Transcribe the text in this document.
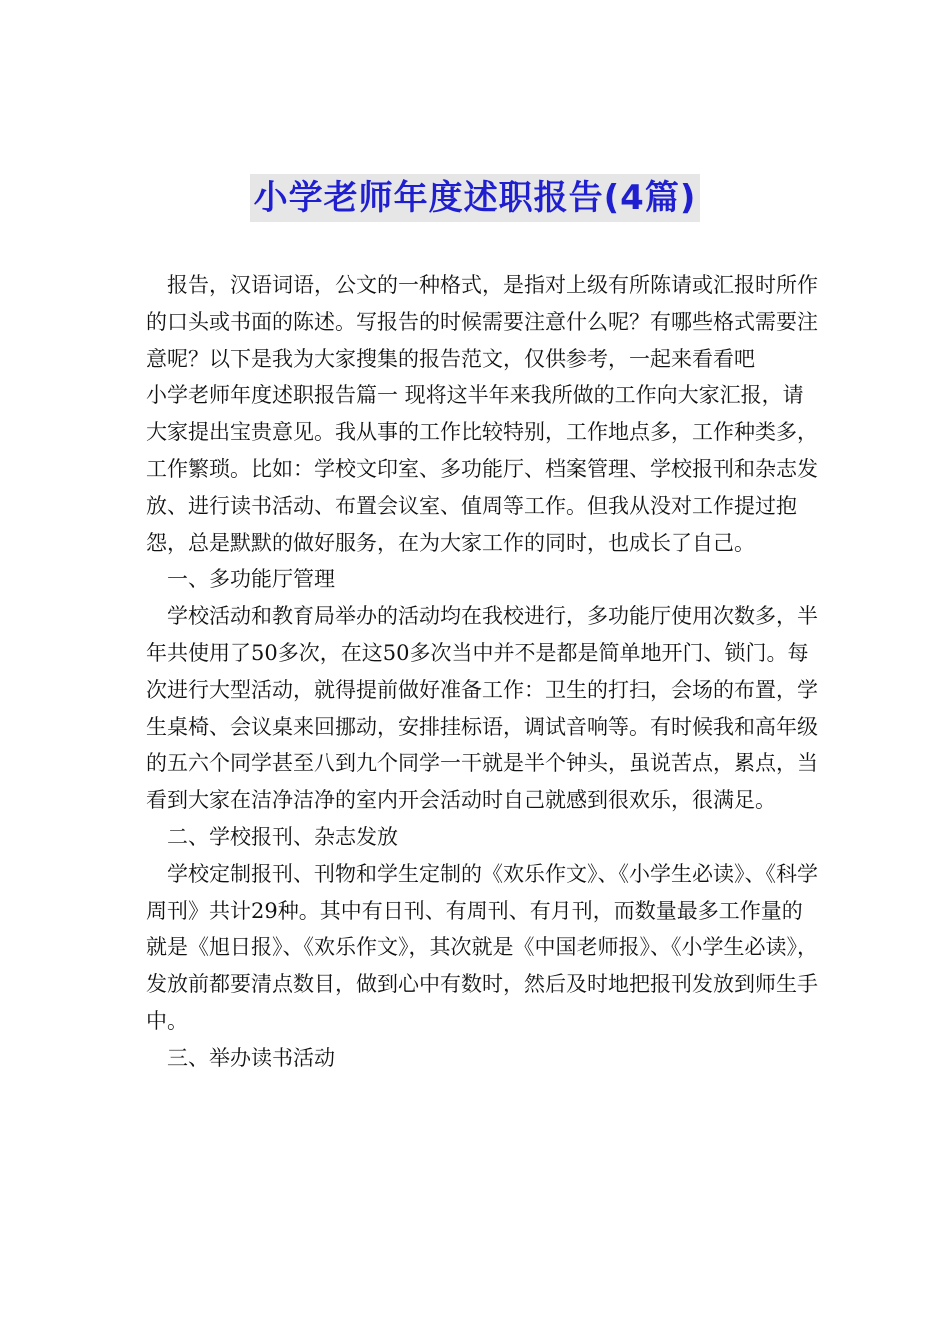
小学老师年度述职报告(4篇)

报告，汉语词语，公文的一种格式，是指对上级有所陈请或汇报时所作的口头或书面的陈述。写报告的时候需要注意什么呢？有哪些格式需要注意呢？以下是我为大家搜集的报告范文，仅供参考，一起来看看吧

小学老师年度述职报告篇一 现将这半年来我所做的工作向大家汇报，请大家提出宝贵意见。我从事的工作比较特别，工作地点多，工作种类多，工作繁琐。比如：学校文印室、多功能厅、档案管理、学校报刊和杂志发放、进行读书活动、布置会议室、值周等工作。但我从没对工作提过抱怨，总是默默的做好服务，在为大家工作的同时，也成长了自己。

一、多功能厅管理

学校活动和教育局举办的活动均在我校进行，多功能厅使用次数多，半年共使用了50多次，在这50多次当中并不是都是简单地开门、锁门。每次进行大型活动，就得提前做好准备工作：卫生的打扫，会场的布置，学生桌椅、会议桌来回挪动，安排挂标语，调试音响等。有时候我和高年级的五六个同学甚至八到九个同学一干就是半个钟头，虽说苦点，累点，当看到大家在洁净洁净的室内开会活动时自己就感到很欢乐，很满足。

二、学校报刊、杂志发放

学校定制报刊、刊物和学生定制的《欢乐作文》、《小学生必读》、《科学周刊》共计29种。其中有日刊、有周刊、有月刊，而数量最多工作量的就是《旭日报》、《欢乐作文》，其次就是《中国老师报》、《小学生必读》，发放前都要清点数目，做到心中有数时，然后及时地把报刊发放到师生手中。

三、举办读书活动
